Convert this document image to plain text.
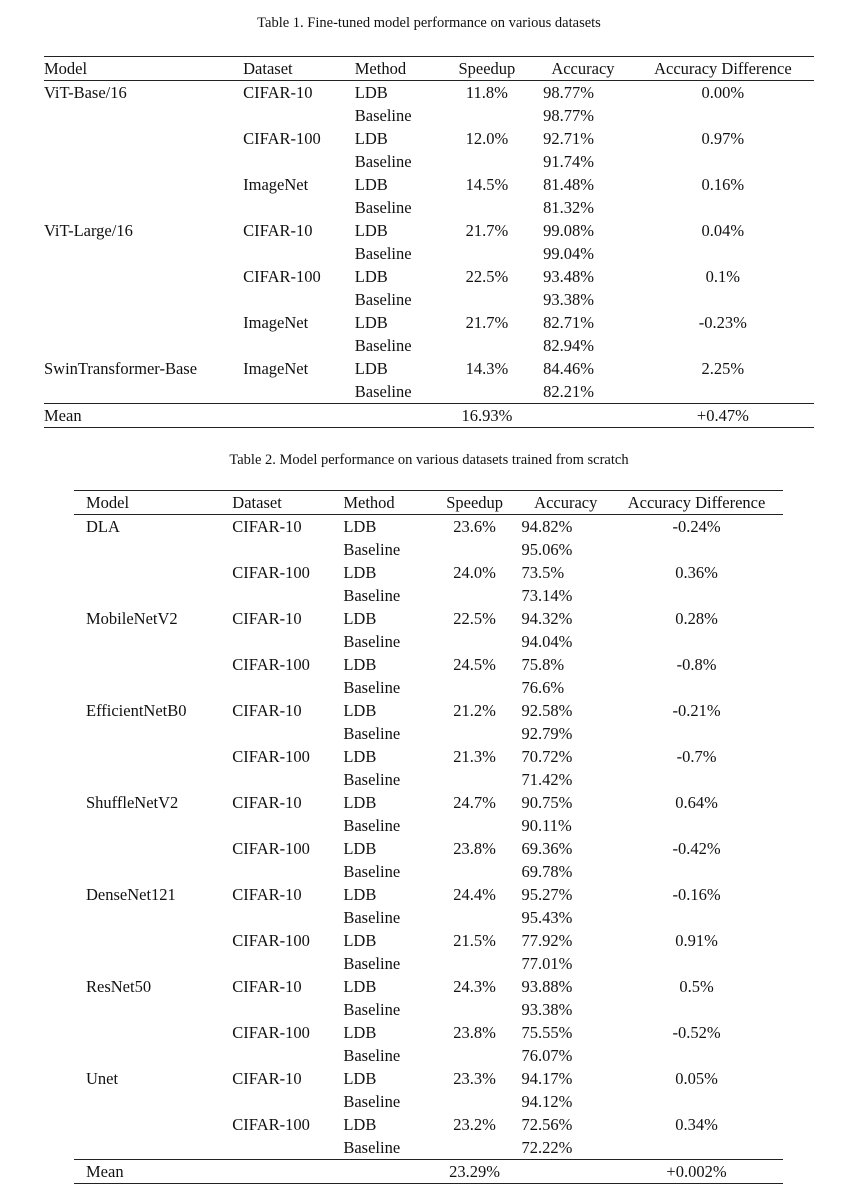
Table 1. Fine-tuned model performance on various datasets
Model	Dataset	Method	Speedup	Accuracy	Accuracy Difference
ViT-Base/16	CIFAR-10	LDB	11.8%	98.77%	0.00%
		Baseline		98.77%	
	CIFAR-100	LDB	12.0%	92.71%	0.97%
		Baseline		91.74%	
	ImageNet	LDB	14.5%	81.48%	0.16%
		Baseline		81.32%	
ViT-Large/16	CIFAR-10	LDB	21.7%	99.08%	0.04%
		Baseline		99.04%	
	CIFAR-100	LDB	22.5%	93.48%	0.1%
		Baseline		93.38%	
	ImageNet	LDB	21.7%	82.71%	-0.23%
		Baseline		82.94%	
SwinTransformer-Base	ImageNet	LDB	14.3%	84.46%	2.25%
		Baseline		82.21%	
Mean			16.93%		+0.47%
Table 2. Model performance on various datasets trained from scratch
Model	Dataset	Method	Speedup	Accuracy	Accuracy Difference
DLA	CIFAR-10	LDB	23.6%	94.82%	-0.24%
		Baseline		95.06%	
	CIFAR-100	LDB	24.0%	73.5%	0.36%
		Baseline		73.14%	
MobileNetV2	CIFAR-10	LDB	22.5%	94.32%	0.28%
		Baseline		94.04%	
	CIFAR-100	LDB	24.5%	75.8%	-0.8%
		Baseline		76.6%	
EfficientNetB0	CIFAR-10	LDB	21.2%	92.58%	-0.21%
		Baseline		92.79%	
	CIFAR-100	LDB	21.3%	70.72%	-0.7%
		Baseline		71.42%	
ShuffleNetV2	CIFAR-10	LDB	24.7%	90.75%	0.64%
		Baseline		90.11%	
	CIFAR-100	LDB	23.8%	69.36%	-0.42%
		Baseline		69.78%	
DenseNet121	CIFAR-10	LDB	24.4%	95.27%	-0.16%
		Baseline		95.43%	
	CIFAR-100	LDB	21.5%	77.92%	0.91%
		Baseline		77.01%	
ResNet50	CIFAR-10	LDB	24.3%	93.88%	0.5%
		Baseline		93.38%	
	CIFAR-100	LDB	23.8%	75.55%	-0.52%
		Baseline		76.07%	
Unet	CIFAR-10	LDB	23.3%	94.17%	0.05%
		Baseline		94.12%	
	CIFAR-100	LDB	23.2%	72.56%	0.34%
		Baseline		72.22%	
Mean			23.29%		+0.002%
